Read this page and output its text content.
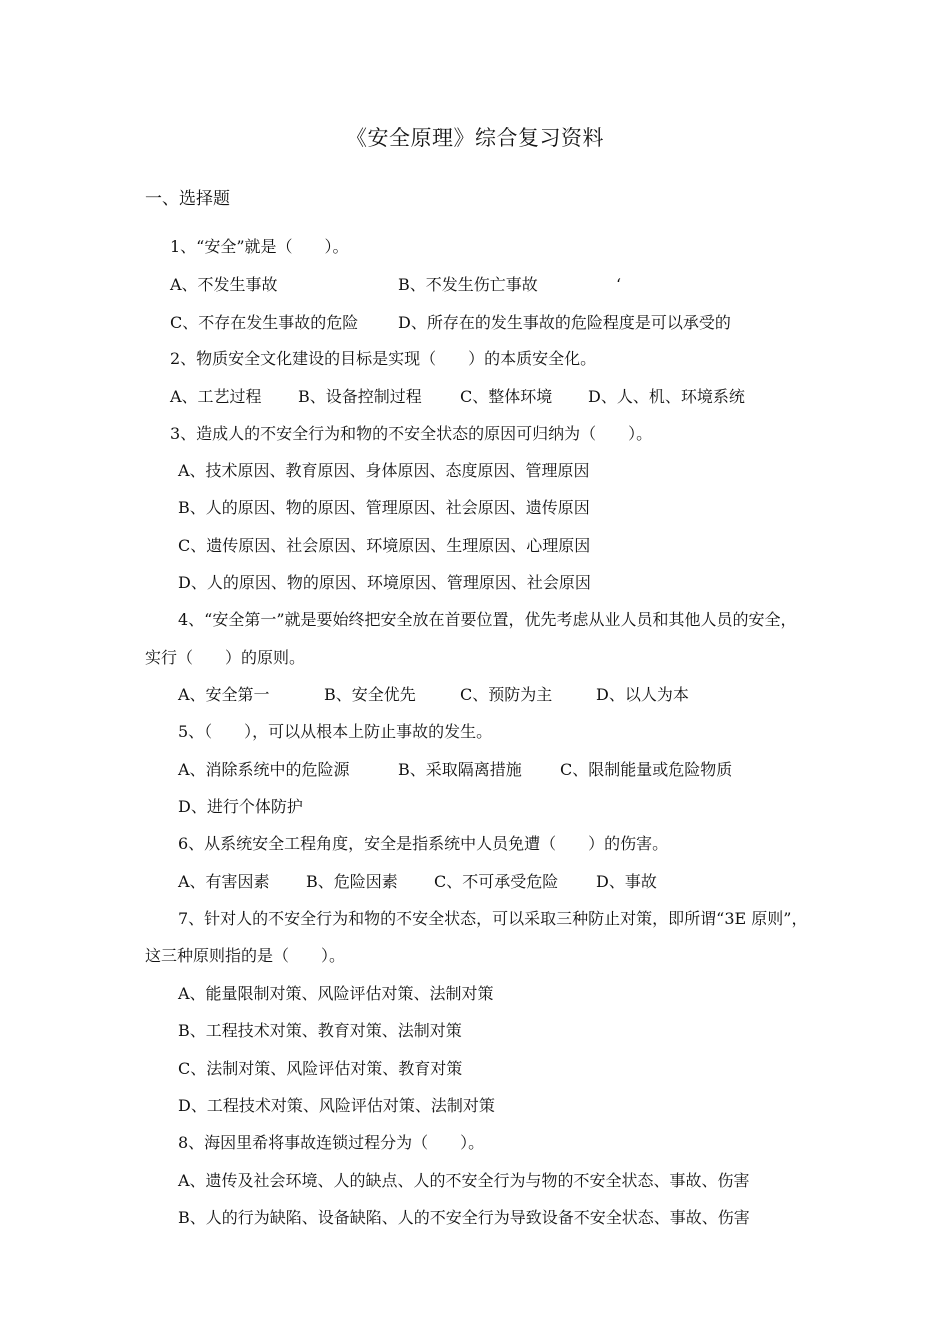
《安全原理》综合复习资料
一、选择题
1、“安全”就是（　　）。
A、不发生事故	B、不发生伤亡事故	‘
C、不存在发生事故的危险 D、所存在的发生事故的危险程度是可以承受的
2、物质安全文化建设的目标是实现（　　）的本质安全化。
A、工艺过程 B、设备控制过程 C、整体环境 D、人、机、环境系统
3、造成人的不安全行为和物的不安全状态的原因可归纳为（　　）。
A、技术原因、教育原因、身体原因、态度原因、管理原因
B、人的原因、物的原因、管理原因、社会原因、遗传原因
C、遗传原因、社会原因、环境原因、生理原因、心理原因
D、人的原因、物的原因、环境原因、管理原因、社会原因
4、“安全第一”就是要始终把安全放在首要位置，优先考虑从业人员和其他人员的安全，
实行（　　）的原则。
A、安全第一	B、安全优先	C、预防为主	D、以人为本
5、（　　），可以从根本上防止事故的发生。
A、消除系统中的危险源	B、采取隔离措施 C、限制能量或危险物质
D、进行个体防护
6、从系统安全工程角度，安全是指系统中人员免遭（　　）的伤害。
A、有害因素 B、危险因素 C、不可承受危险 D、事故
7、针对人的不安全行为和物的不安全状态，可以采取三种防止对策，即所谓“3E 原则”，
这三种原则指的是（　　）。
A、能量限制对策、风险评估对策、法制对策
B、工程技术对策、教育对策、法制对策
C、法制对策、风险评估对策、教育对策
D、工程技术对策、风险评估对策、法制对策
8、海因里希将事故连锁过程分为（　　）。
A、遗传及社会环境、人的缺点、人的不安全行为与物的不安全状态、事故、伤害
B、人的行为缺陷、设备缺陷、人的不安全行为导致设备不安全状态、事故、伤害
